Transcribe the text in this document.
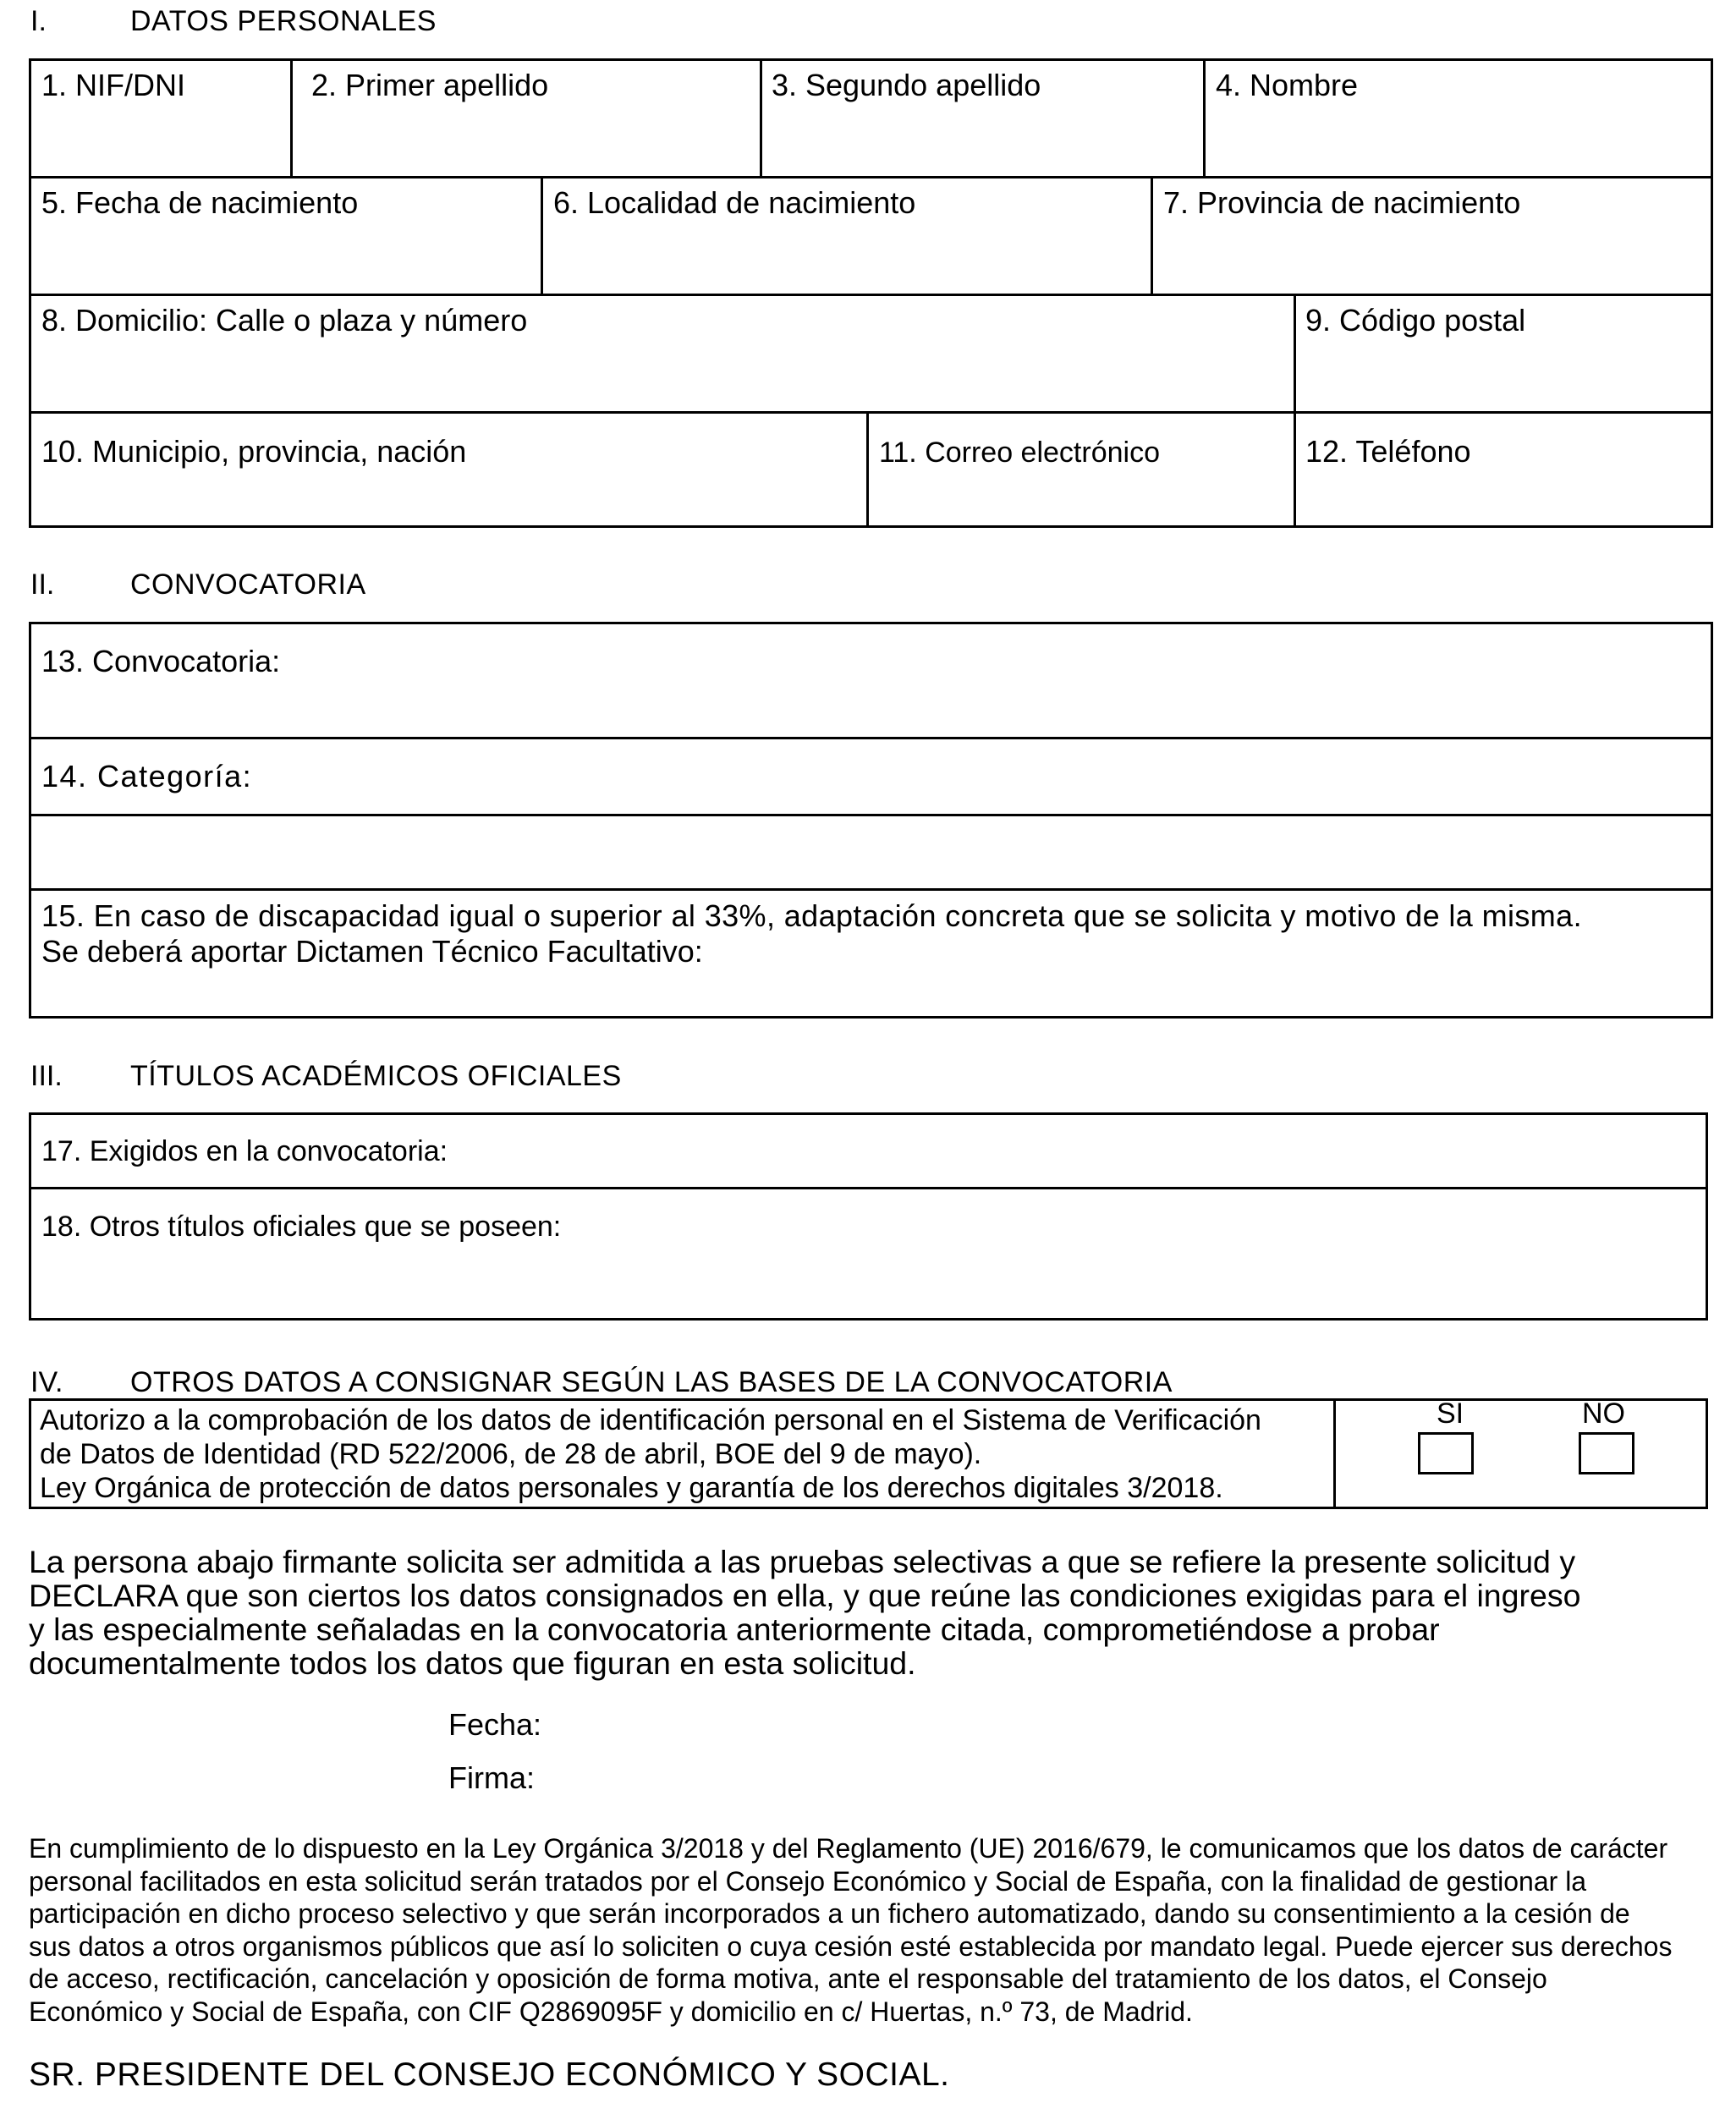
I.	DATOS PERSONALES
1. NIF/DNI	2. Primer apellido	3. Segundo apellido	4. Nombre
5. Fecha de nacimiento	6. Localidad de nacimiento	7. Provincia de nacimiento
8. Domicilio: Calle o plaza y número	9. Código postal
10. Municipio, provincia, nación	11. Correo electrónico	12. Teléfono
II.	CONVOCATORIA
13. Convocatoria:
14. Categoría:
15. En caso de discapacidad igual o superior al 33%, adaptación concreta que se solicita y motivo de la misma.
Se deberá aportar Dictamen Técnico Facultativo:
III. TÍTULOS ACADÉMICOS OFICIALES
17. Exigidos en la convocatoria:
18. Otros títulos oficiales que se poseen:
IV. OTROS DATOS A CONSIGNAR SEGÚN LAS BASES DE LA CONVOCATORIA
Autorizo a la comprobación de los datos de identificación personal en el Sistema de Verificación
de Datos de Identidad (RD 522/2006, de 28 de abril, BOE del 9 de mayo).
Ley Orgánica de protección de datos personales y garantía de los derechos digitales 3/2018.
SI	NO
La persona abajo firmante solicita ser admitida a las pruebas selectivas a que se refiere la presente solicitud y
DECLARA que son ciertos los datos consignados en ella, y que reúne las condiciones exigidas para el ingreso
y las especialmente señaladas en la convocatoria anteriormente citada, comprometiéndose a probar
documentalmente todos los datos que figuran en esta solicitud.
Fecha:
Firma:
En cumplimiento de lo dispuesto en la Ley Orgánica 3/2018 y del Reglamento (UE) 2016/679, le comunicamos que los datos de carácter
personal facilitados en esta solicitud serán tratados por el Consejo Económico y Social de España, con la finalidad de gestionar la
participación en dicho proceso selectivo y que serán incorporados a un fichero automatizado, dando su consentimiento a la cesión de
sus datos a otros organismos públicos que así lo soliciten o cuya cesión esté establecida por mandato legal. Puede ejercer sus derechos
de acceso, rectificación, cancelación y oposición de forma motiva, ante el responsable del tratamiento de los datos, el Consejo
Económico y Social de España, con CIF Q2869095F y domicilio en c/ Huertas, n.º 73, de Madrid.
SR. PRESIDENTE DEL CONSEJO ECONÓMICO Y SOCIAL.
